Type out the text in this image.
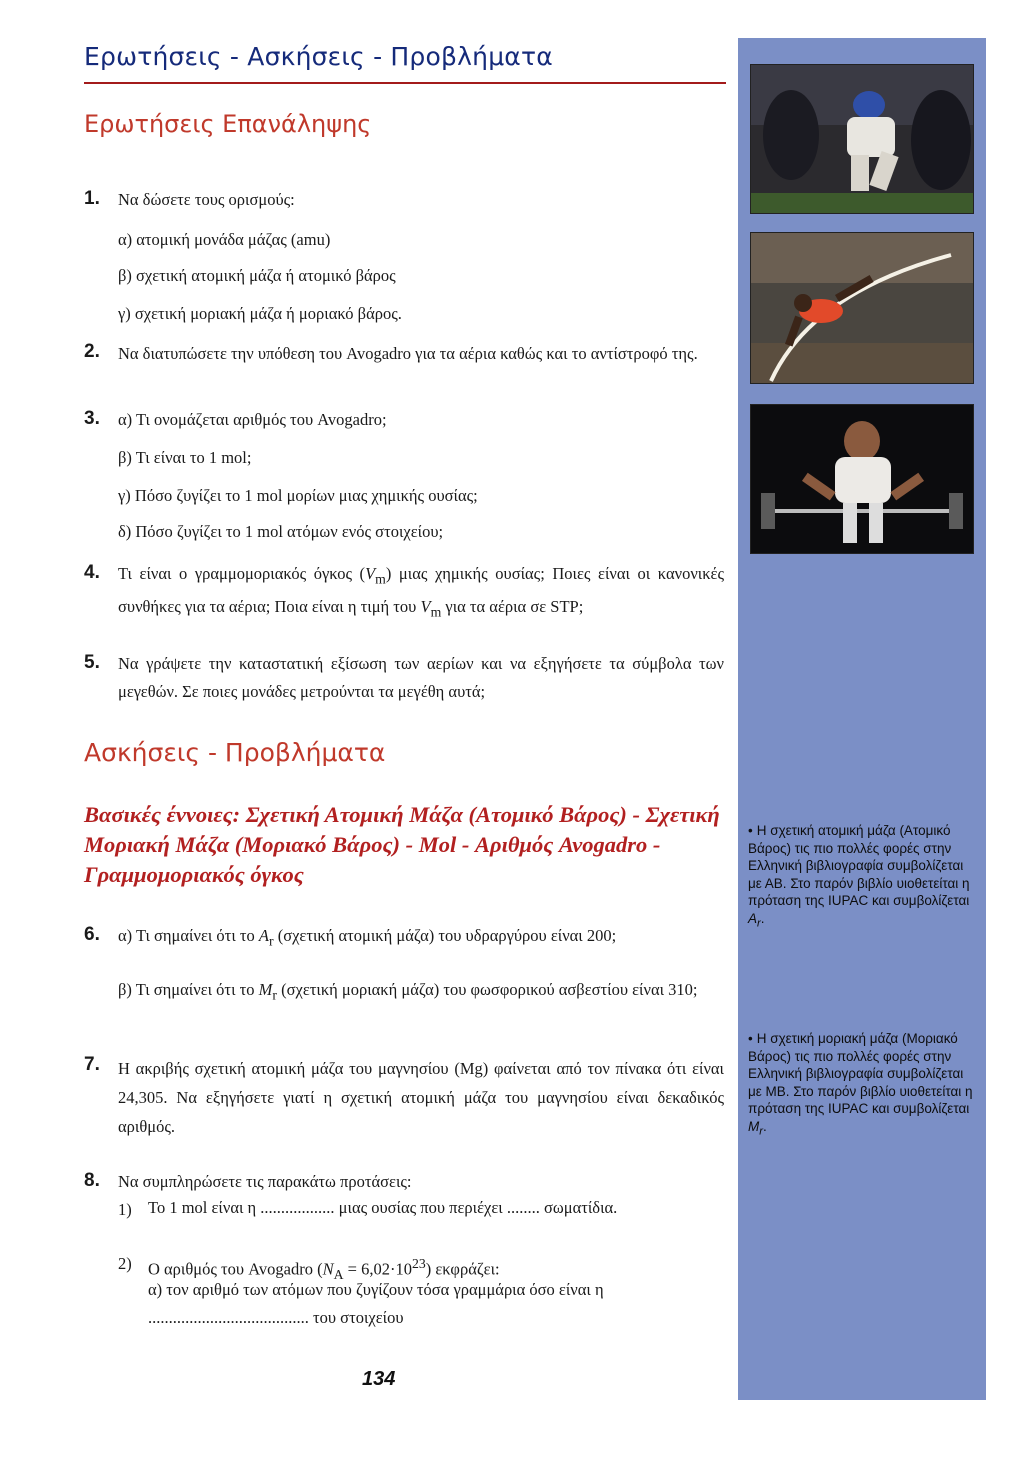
• Η σχετική ατομική μάζα (Ατομικό Βάρος) τις πιο πολλές φορές στην Ελληνική βιβλιογραφία συμβολίζεται με ΑΒ. Στο παρόν βιβλίο υιοθετείται η πρόταση της IUPAC και συμβολίζεται $A_r$.
• Η σχετική μοριακή μάζα (Μοριακό Βάρος) τις πιο πολλές φορές στην Ελληνική βιβλιογραφία συμβολίζεται με ΜΒ. Στο παρόν βιβλίο υιοθετείται η πρόταση της IUPAC και συμβολίζεται $M_r$.
Ερωτήσεις - Ασκήσεις - Προβλήματα
Ερωτήσεις Επανάληψης
1. Να δώσετε τους ορισμούς:
α) ατομική μονάδα μάζας (amu)
β) σχετική ατομική μάζα ή ατομικό βάρος
γ) σχετική μοριακή μάζα ή μοριακό βάρος.
2. Να διατυπώσετε την υπόθεση του Avogadro για τα αέρια καθώς και το αντίστροφό της.
3. α) Τι ονομάζεται αριθμός του Avogadro;
β) Τι είναι το 1 mol;
γ) Πόσο ζυγίζει το 1 mol μορίων μιας χημικής ουσίας;
δ) Πόσο ζυγίζει το 1 mol ατόμων ενός στοιχείου;
4. Τι είναι ο γραμμομοριακός όγκος $(V_m)$ μιας χημικής ουσίας; Ποιες είναι οι κανονικές συνθήκες για τα αέρια; Ποια είναι η τιμή του $V_m$ για τα αέρια σε STP;
5. Να γράψετε την καταστατική εξίσωση των αερίων και να εξηγήσετε τα σύμβολα των μεγεθών. Σε ποιες μονάδες μετρούνται τα μεγέθη αυτά;
Ασκήσεις - Προβλήματα
Βασικές έννοιες: Σχετική Ατομική Μάζα (Ατομικό Βάρος) - Σχετική Μοριακή Μάζα (Μοριακό Βάρος) - Mol - Αριθμός Avogadro - Γραμμομοριακός όγκος
6. α) Τι σημαίνει ότι το $A_r$ (σχετική ατομική μάζα) του υδραργύρου είναι 200;
β) Τι σημαίνει ότι το $M_r$ (σχετική μοριακή μάζα) του φωσφορικού ασβεστίου είναι 310;
7. Η ακριβής σχετική ατομική μάζα του μαγνησίου (Mg) φαίνεται από τον πίνακα ότι είναι 24,305. Να εξηγήσετε γιατί η σχετική ατομική μάζα του μαγνησίου είναι δεκαδικός αριθμός.
8. Να συμπληρώσετε τις παρακάτω προτάσεις:
1) Το 1 mol είναι η .................. μιας ουσίας που περιέχει ........ σωματίδια.
2) Ο αριθμός του Avogadro $(N_A = 6,02\cdot 10^{23})$ εκφράζει:
α) τον αριθμό των ατόμων που ζυγίζουν τόσα γραμμάρια όσο είναι η
....................................... του στοιχείου
134
